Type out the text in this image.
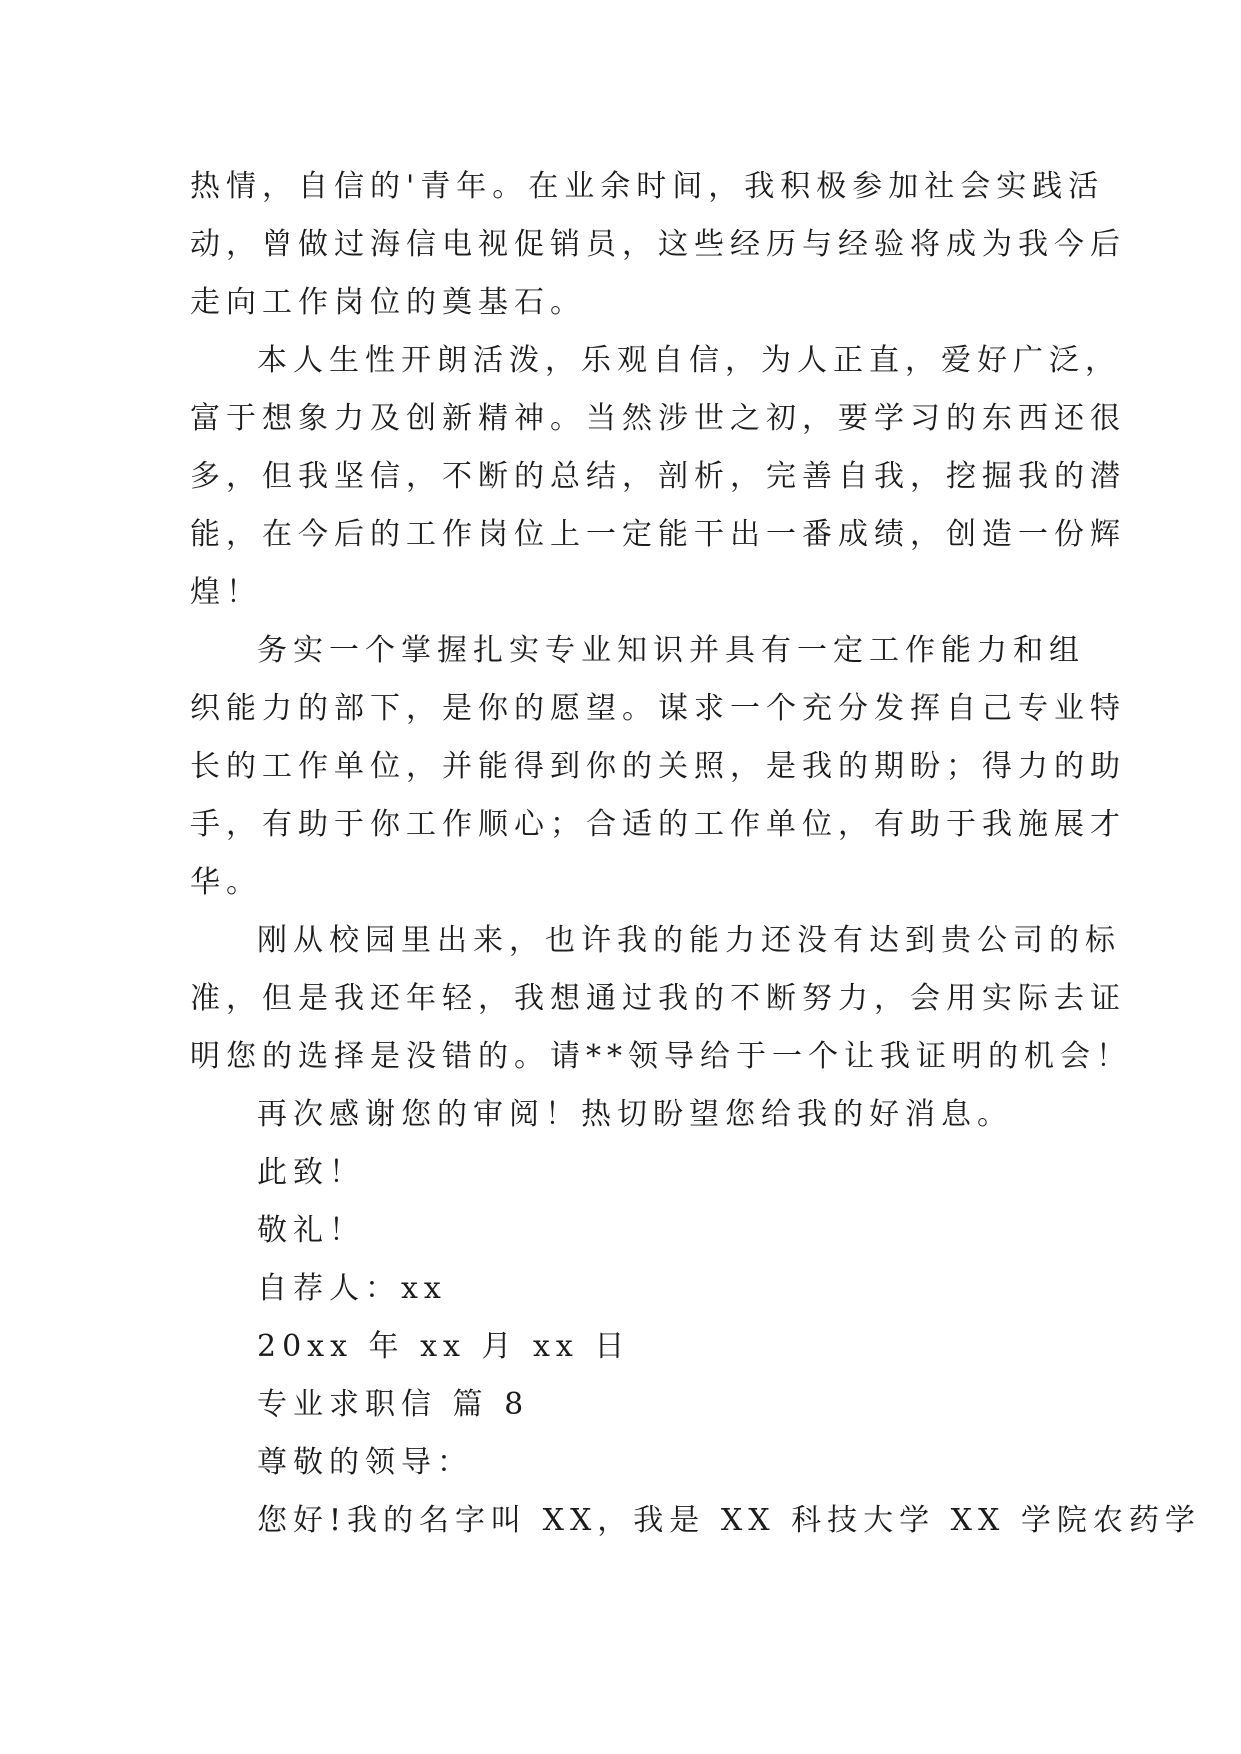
热情，自信的'青年。在业余时间，我积极参加社会实践活
动，曾做过海信电视促销员，这些经历与经验将成为我今后
走向工作岗位的奠基石。
本人生性开朗活泼，乐观自信，为人正直，爱好广泛，
富于想象力及创新精神。当然涉世之初，要学习的东西还很
多，但我坚信，不断的总结，剖析，完善自我，挖掘我的潜
能，在今后的工作岗位上一定能干出一番成绩，创造一份辉
煌！
务实一个掌握扎实专业知识并具有一定工作能力和组
织能力的部下，是你的愿望。谋求一个充分发挥自己专业特
长的工作单位，并能得到你的关照，是我的期盼；得力的助
手，有助于你工作顺心；合适的工作单位，有助于我施展才
华。
刚从校园里出来，也许我的能力还没有达到贵公司的标
准，但是我还年轻，我想通过我的不断努力，会用实际去证
明您的选择是没错的。请**领导给于一个让我证明的机会！
再次感谢您的审阅！热切盼望您给我的好消息。
此致！
敬礼！
自荐人：xx
20xx 年 xx 月 xx 日
专业求职信 篇 8
尊敬的领导：
您好!我的名字叫 XX，我是 XX 科技大学 XX 学院农药学
